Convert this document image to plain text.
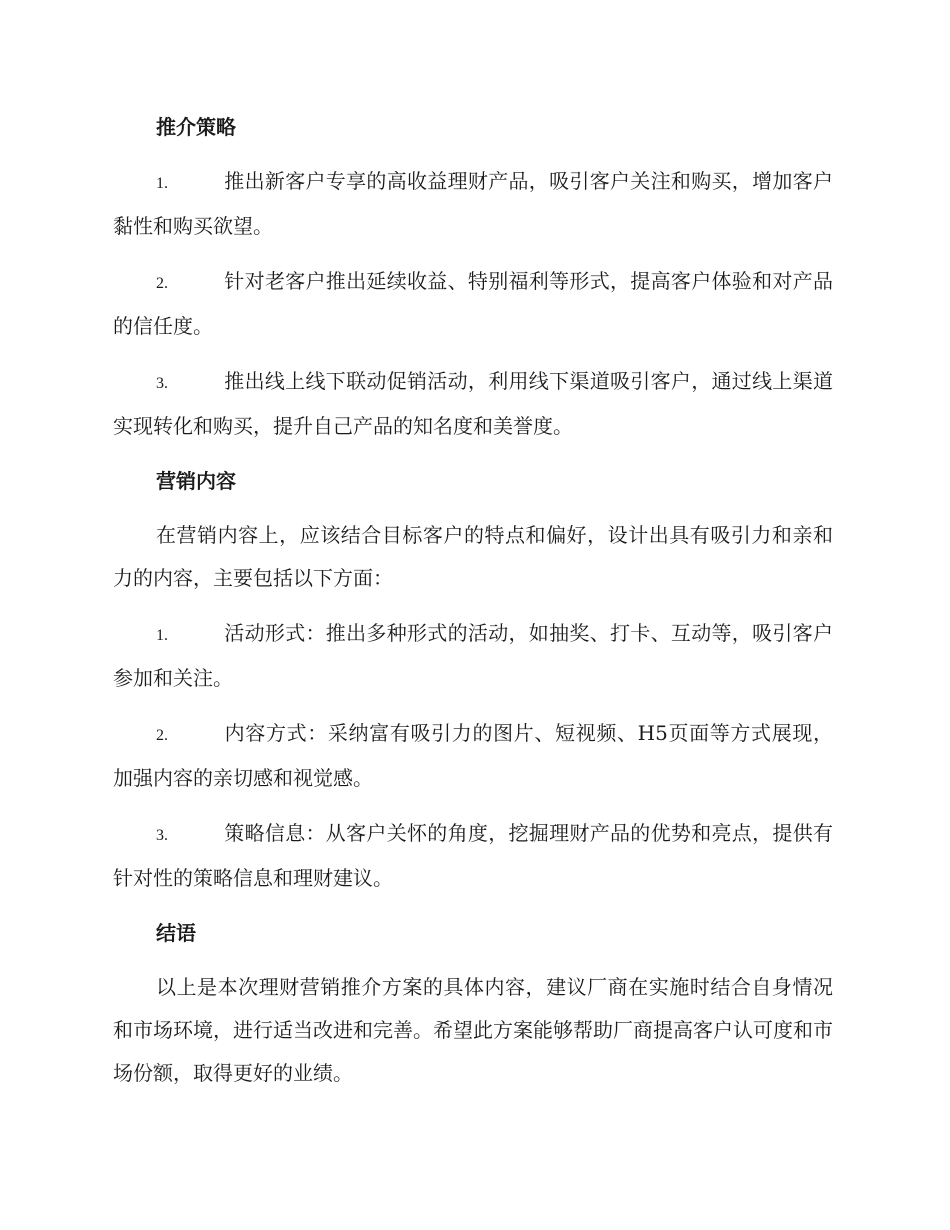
推介策略

1.	推出新客户专享的高收益理财产品，吸引客户关注和购买，增加客户黏性和购买欲望。

2.	针对老客户推出延续收益、特别福利等形式，提高客户体验和对产品的信任度。

3.	推出线上线下联动促销活动，利用线下渠道吸引客户，通过线上渠道实现转化和购买，提升自己产品的知名度和美誉度。

营销内容

在营销内容上，应该结合目标客户的特点和偏好，设计出具有吸引力和亲和力的内容，主要包括以下方面：

1.	活动形式：推出多种形式的活动，如抽奖、打卡、互动等，吸引客户参加和关注。

2.	内容方式：采纳富有吸引力的图片、短视频、H5页面等方式展现，加强内容的亲切感和视觉感。

3.	策略信息：从客户关怀的角度，挖掘理财产品的优势和亮点，提供有针对性的策略信息和理财建议。

结语

以上是本次理财营销推介方案的具体内容，建议厂商在实施时结合自身情况和市场环境，进行适当改进和完善。希望此方案能够帮助厂商提高客户认可度和市场份额，取得更好的业绩。
